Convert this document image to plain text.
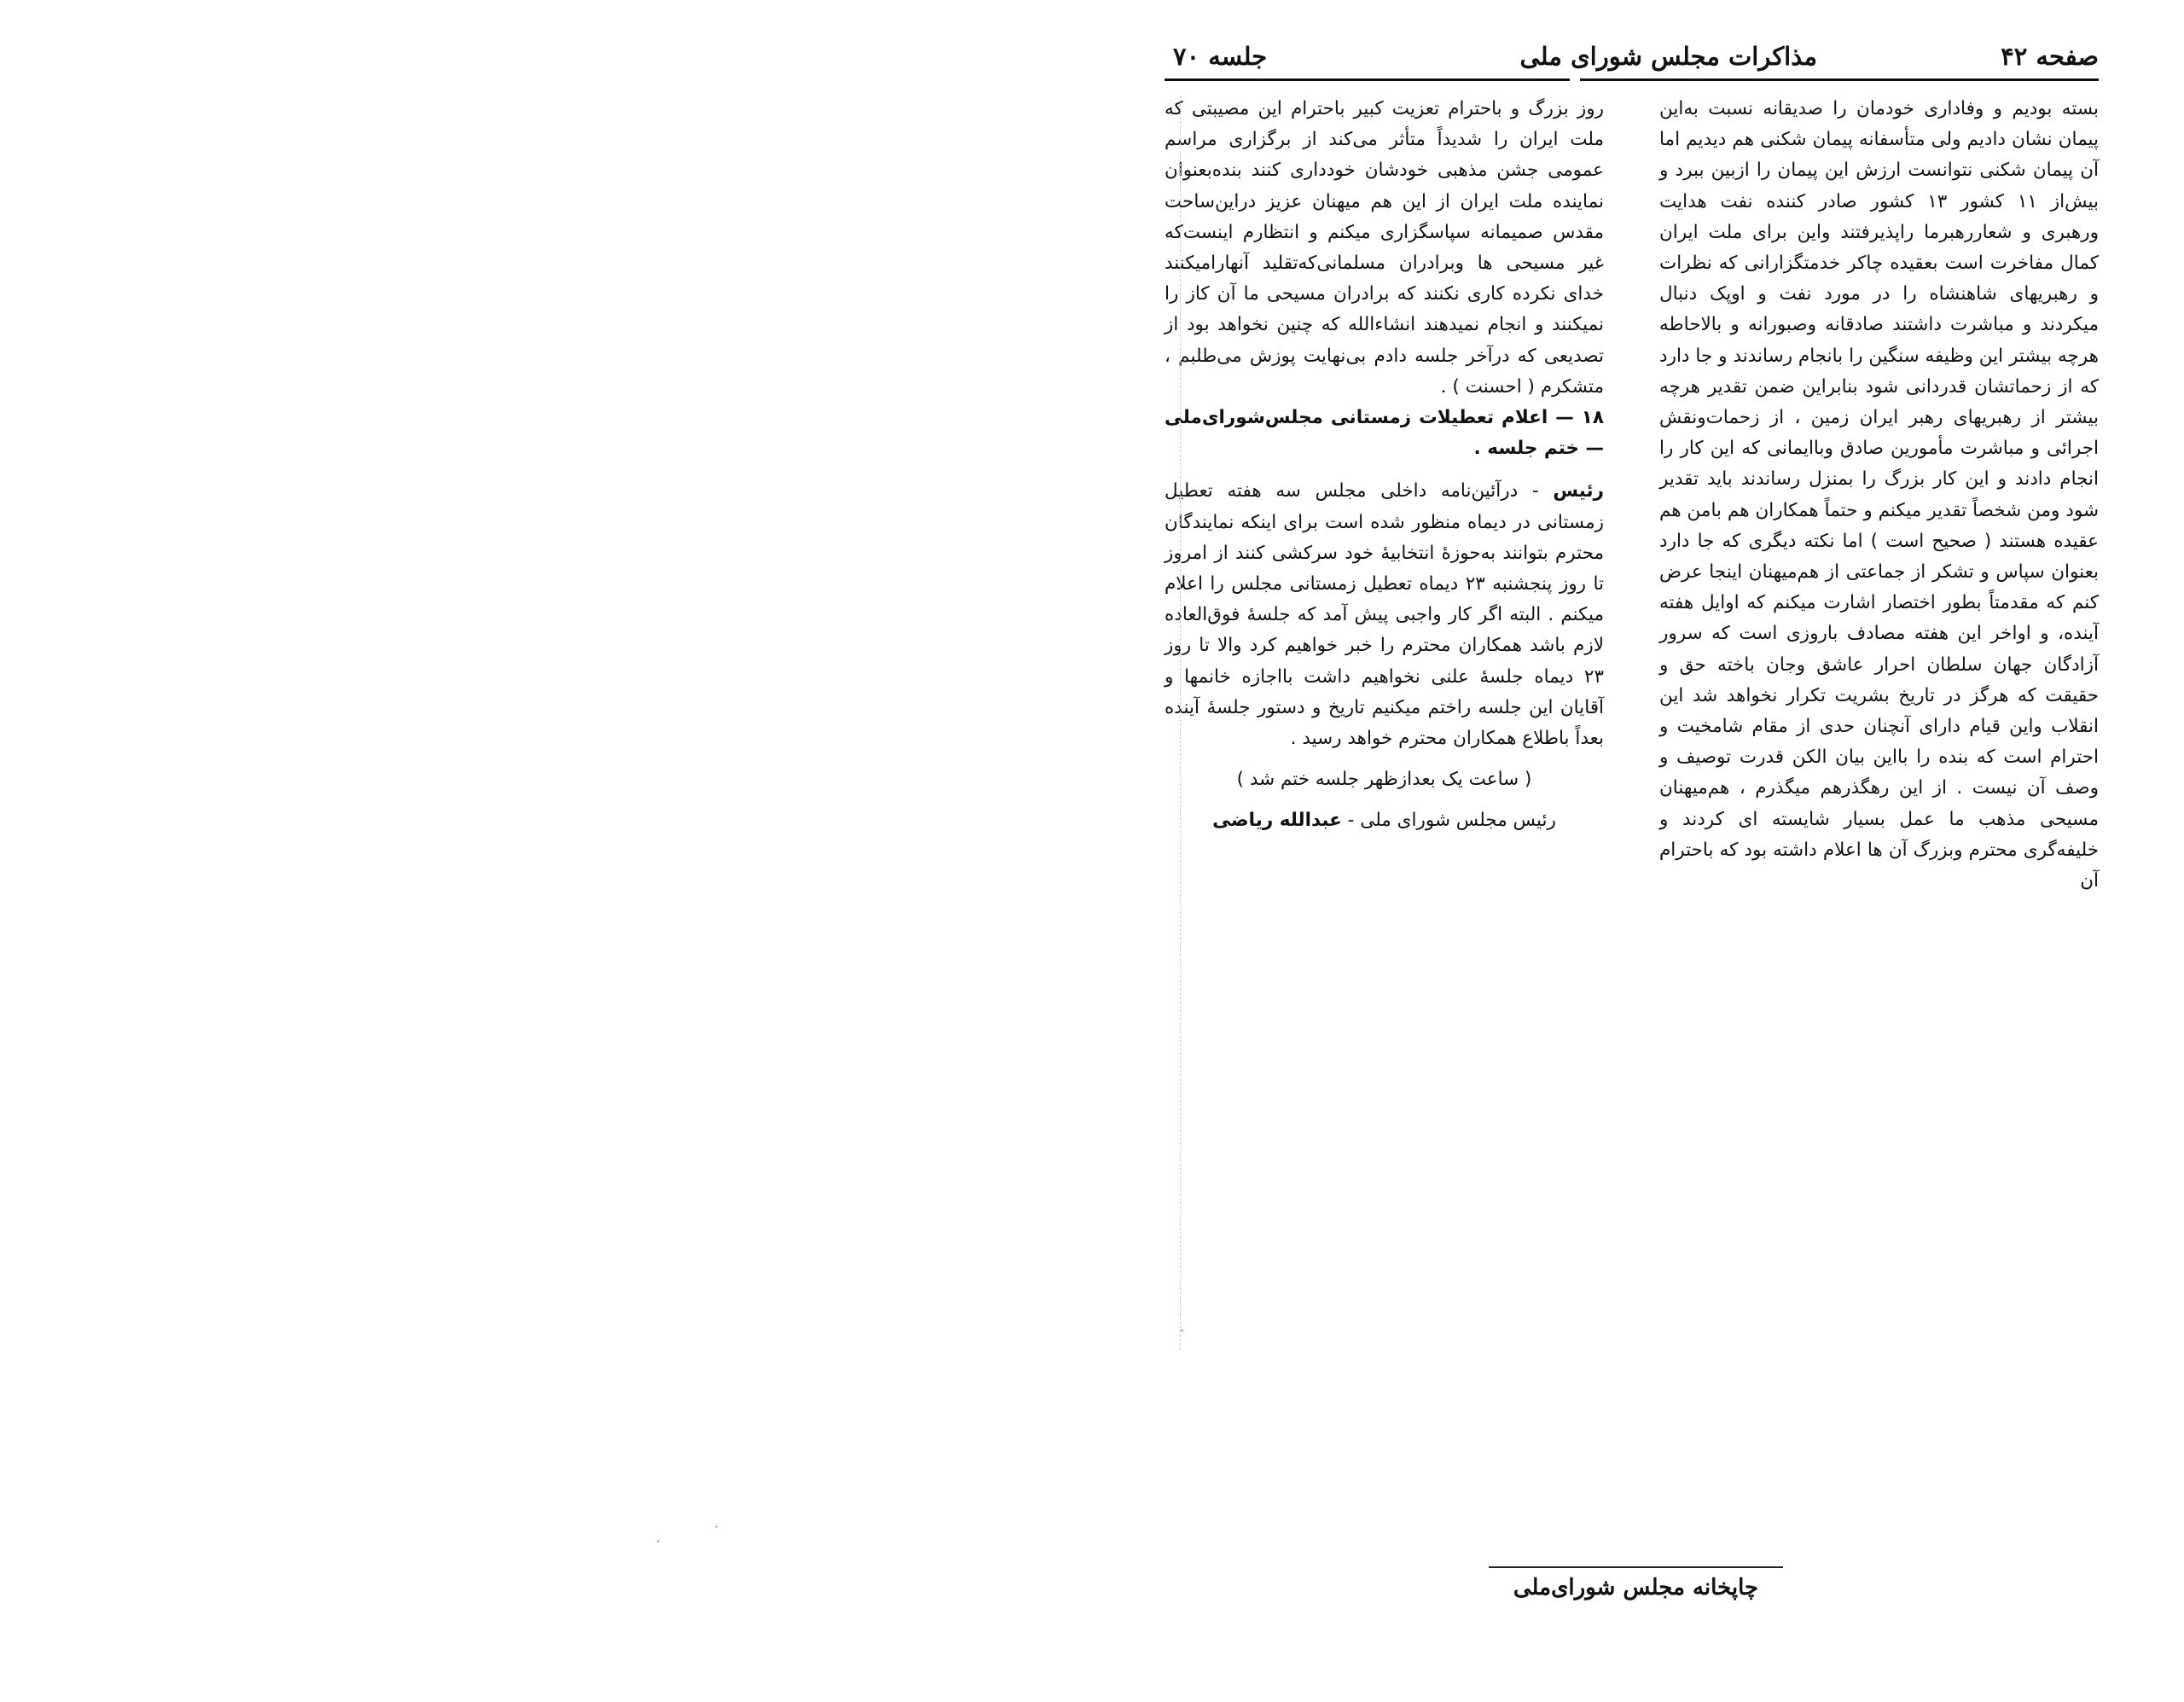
صفحه ۴۲
مذاکرات مجلس شورای ملی
جلسه ۷۰

بسته بودیم و وفاداری خودمان را صدیقانه نسبت به‌این پیمان نشان دادیم ولی متأسفانه پیمان شکنی هم دیدیم اما آن پیمان شکنی نتوانست ارزش این پیمان را ازبین ببرد و بیش‌از ۱۱ کشور ۱۳ کشور صادر کننده نفت هدایت ورهبری و شعاررهبرما راپذیرفتند واین برای ملت ایران کمال مفاخرت است بعقیده چاکر خدمتگزارانی که نظرات و رهبریهای شاهنشاه را در مورد نفت و اوپک دنبال میکردند و مباشرت داشتند صادقانه وصبورانه و بالاحاطه هرچه بیشتر این وظیفه سنگین را بانجام رساندند و جا دارد که از زحماتشان قدردانی شود بنابراین ضمن تقدیر هرچه بیشتر از رهبریهای رهبر ایران زمین ، از زحمات‌ونقش اجرائی و مباشرت مأمورین صادق وباایمانی که این کار را انجام دادند و این کار بزرگ را بمنزل رساندند باید تقدیر شود ومن شخصاً تقدیر میکنم و حتماً همکاران هم بامن هم عقیده هستند ( صحیح است ) اما نکته دیگری که جا دارد بعنوان سپاس و تشکر از جماعتی از هم‌میهنان اینجا عرض کنم که مقدمتاً بطور اختصار اشارت میکنم که اوایل هفته آینده، و اواخر این هفته مصادف باروزی است که سرور آزادگان جهان سلطان احرار عاشق وجان باخته حق و حقیقت که هرگز در تاریخ بشریت تکرار نخواهد شد این انقلاب واین قیام دارای آنچنان حدی از مقام شامخیت و احترام است که بنده را بااین بیان الکن قدرت توصیف و وصف آن نیست . از این رهگذرهم میگذرم ، هم‌میهنان مسیحی مذهب ما عمل بسیار شایسته ای کردند و خلیفه‌گری محترم وبزرگ آن ها اعلام داشته بود که باحترام آن

روز بزرگ و باحترام تعزیت کبیر باحترام این مصیبتی که ملت ایران را شدیداً متأثر می‌کند از برگزاری مراسم عمومی جشن مذهبی خودشان خودداری کنند بنده‌بعنوان نماینده ملت ایران از این هم میهنان عزیز دراین‌ساحت مقدس صمیمانه سپاسگزاری میکنم و انتظارم اینست‌که غیر مسیحی ها وبرادران مسلمانی‌که‌تقلید آنهارامیکنند خدای نکرده کاری نکنند که برادران مسیحی ما آن کاز را نمیکنند و انجام نمیدهند انشاءالله که چنین نخواهد بود از تصدیعی که درآخر جلسه دادم بی‌نهایت پوزش می‌طلبم ، متشکرم ( احسنت ) .

۱۸ — اعلام تعطیلات زمستانی مجلس‌شورای‌ملی— ختم جلسه .

رئیس - درآئین‌نامه داخلی مجلس سه هفته تعطیل زمستانی در دیماه منظور شده است برای اینکه نمایندگان محترم بتوانند به‌حوزهٔ انتخابیهٔ خود سرکشی کنند از امروز تا روز پنجشنبه ۲۳ دیماه تعطیل زمستانی مجلس را اعلام میکنم . البته اگر کار واجبی پیش آمد که جلسهٔ فوق‌العاده لازم باشد همکاران محترم را خبر خواهیم کرد والا تا روز ۲۳ دیماه جلسهٔ علنی نخواهیم داشت بااجازه خانمها و آقایان این جلسه راختم میکنیم تاریخ و دستور جلسهٔ آینده بعداً باطلاع همکاران محترم خواهد رسید .

( ساعت یک بعدازظهر جلسه ختم شد )

رئیس مجلس شورای ملی - عبدالله ریاضی

چاپخانه مجلس شورای‌ملی
